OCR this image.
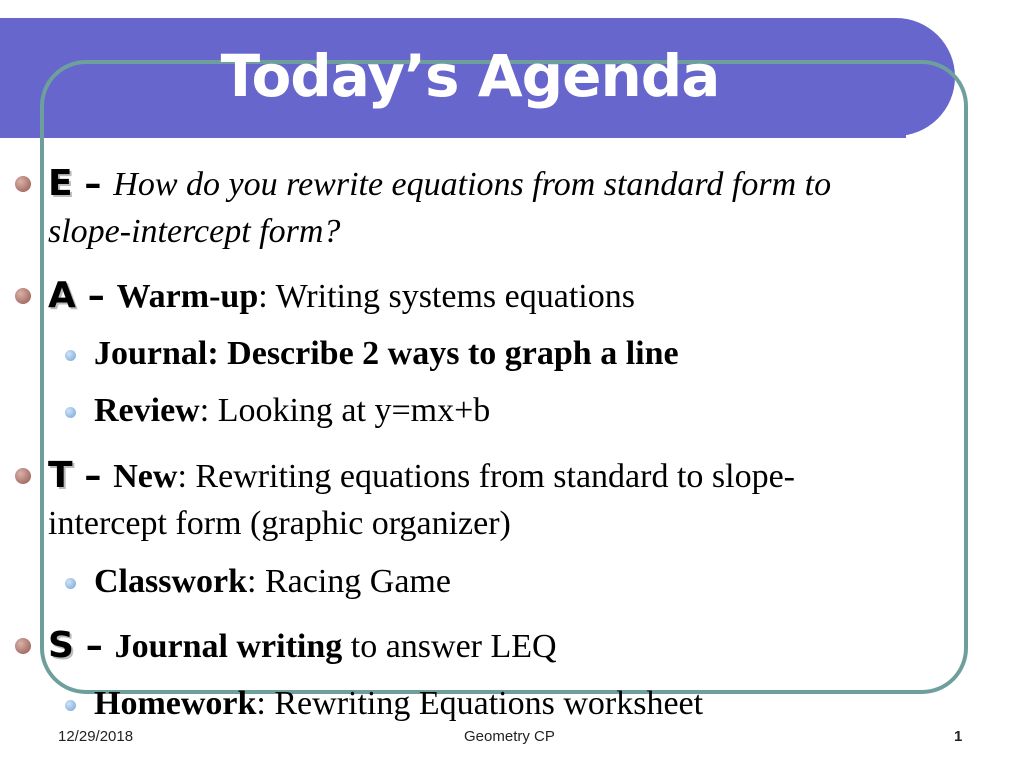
Today’s Agenda
E – How do you rewrite equations from standard form to
slope-intercept form?
A – Warm-up: Writing systems equations
Journal: Describe 2 ways to graph a line
Review: Looking at y=mx+b
T – New: Rewriting equations from standard to slope-
intercept form (graphic organizer)
Classwork: Racing Game
S – Journal writing to answer LEQ
Homework: Rewriting Equations worksheet
12/29/2018	Geometry CP	1
